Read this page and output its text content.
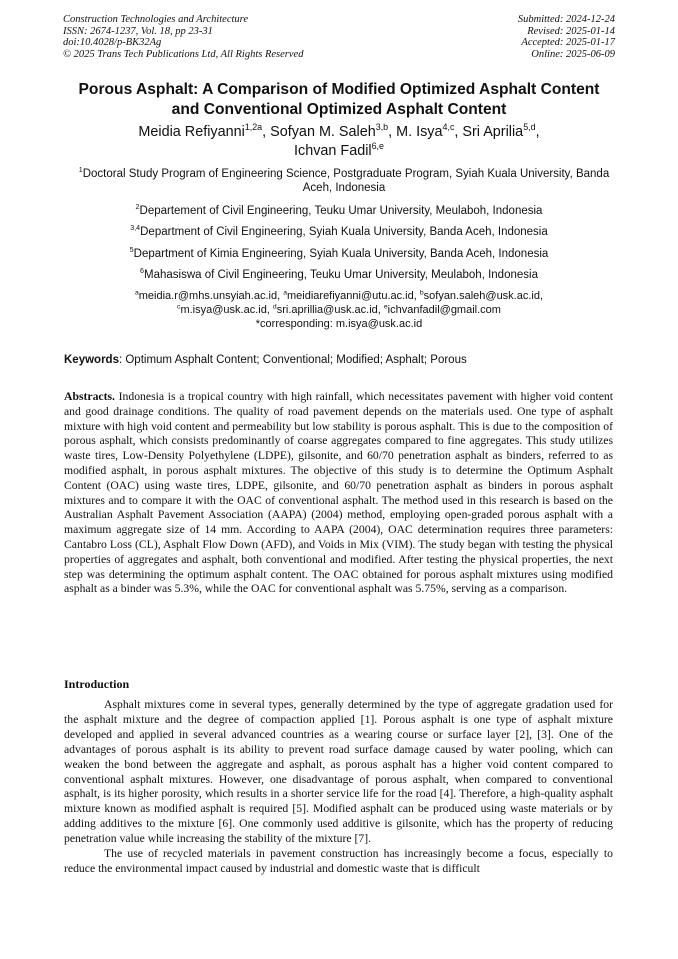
Construction Technologies and Architecture
ISSN: 2674-1237, Vol. 18, pp 23-31
doi:10.4028/p-BK32Ag
© 2025 Trans Tech Publications Ltd, All Rights Reserved
Submitted: 2024-12-24
Revised: 2025-01-14
Accepted: 2025-01-17
Online: 2025-06-09
Porous Asphalt: A Comparison of Modified Optimized Asphalt Content
and Conventional Optimized Asphalt Content
Meidia Refiyanni$^{1,2a}$, Sofyan M. Saleh$^{3,b}$, M. Isya$^{4,c}$, Sri Aprilia$^{5,d}$,
Ichvan Fadil$^{6,e}$
$^1$Doctoral Study Program of Engineering Science, Postgraduate Program, Syiah Kuala University, Banda Aceh, Indonesia
$^2$Departement of Civil Engineering, Teuku Umar University, Meulaboh, Indonesia
$^{3,4}$Department of Civil Engineering, Syiah Kuala University, Banda Aceh, Indonesia
$^5$Department of Kimia Engineering, Syiah Kuala University, Banda Aceh, Indonesia
$^6$Mahasiswa of Civil Engineering, Teuku Umar University, Meulaboh, Indonesia
$^a$meidia.r@mhs.unsyiah.ac.id, $^a$meidiarefiyanni@utu.ac.id, $^b$sofyan.saleh@usk.ac.id,
$^c$m.isya@usk.ac.id, $^d$sri.aprillia@usk.ac.id, $^e$ichvanfadil@gmail.com
*corresponding: m.isya@usk.ac.id
Keywords: Optimum Asphalt Content; Conventional; Modified; Asphalt; Porous
Abstracts. Indonesia is a tropical country with high rainfall, which necessitates pavement with higher void content and good drainage conditions. The quality of road pavement depends on the materials used. One type of asphalt mixture with high void content and permeability but low stability is porous asphalt. This is due to the composition of porous asphalt, which consists predominantly of coarse aggregates compared to fine aggregates. This study utilizes waste tires, Low-Density Polyethylene (LDPE), gilsonite, and 60/70 penetration asphalt as binders, referred to as modified asphalt, in porous asphalt mixtures. The objective of this study is to determine the Optimum Asphalt Content (OAC) using waste tires, LDPE, gilsonite, and 60/70 penetration asphalt as binders in porous asphalt mixtures and to compare it with the OAC of conventional asphalt. The method used in this research is based on the Australian Asphalt Pavement Association (AAPA) (2004) method, employing open-graded porous asphalt with a maximum aggregate size of 14 mm. According to AAPA (2004), OAC determination requires three parameters: Cantabro Loss (CL), Asphalt Flow Down (AFD), and Voids in Mix (VIM). The study began with testing the physical properties of aggregates and asphalt, both conventional and modified. After testing the physical properties, the next step was determining the optimum asphalt content. The OAC obtained for porous asphalt mixtures using modified asphalt as a binder was 5.3%, while the OAC for conventional asphalt was 5.75%, serving as a comparison.
Introduction

Asphalt mixtures come in several types, generally determined by the type of aggregate gradation used for the asphalt mixture and the degree of compaction applied [1]. Porous asphalt is one type of asphalt mixture developed and applied in several advanced countries as a wearing course or surface layer [2], [3]. One of the advantages of porous asphalt is its ability to prevent road surface damage caused by water pooling, which can weaken the bond between the aggregate and asphalt, as porous asphalt has a higher void content compared to conventional asphalt mixtures. However, one disadvantage of porous asphalt, when compared to conventional asphalt, is its higher porosity, which results in a shorter service life for the road [4]. Therefore, a high-quality asphalt mixture known as modified asphalt is required [5]. Modified asphalt can be produced using waste materials or by adding additives to the mixture [6]. One commonly used additive is gilsonite, which has the property of reducing penetration value while increasing the stability of the mixture [7].

The use of recycled materials in pavement construction has increasingly become a focus, especially to reduce the environmental impact caused by industrial and domestic waste that is difficult
